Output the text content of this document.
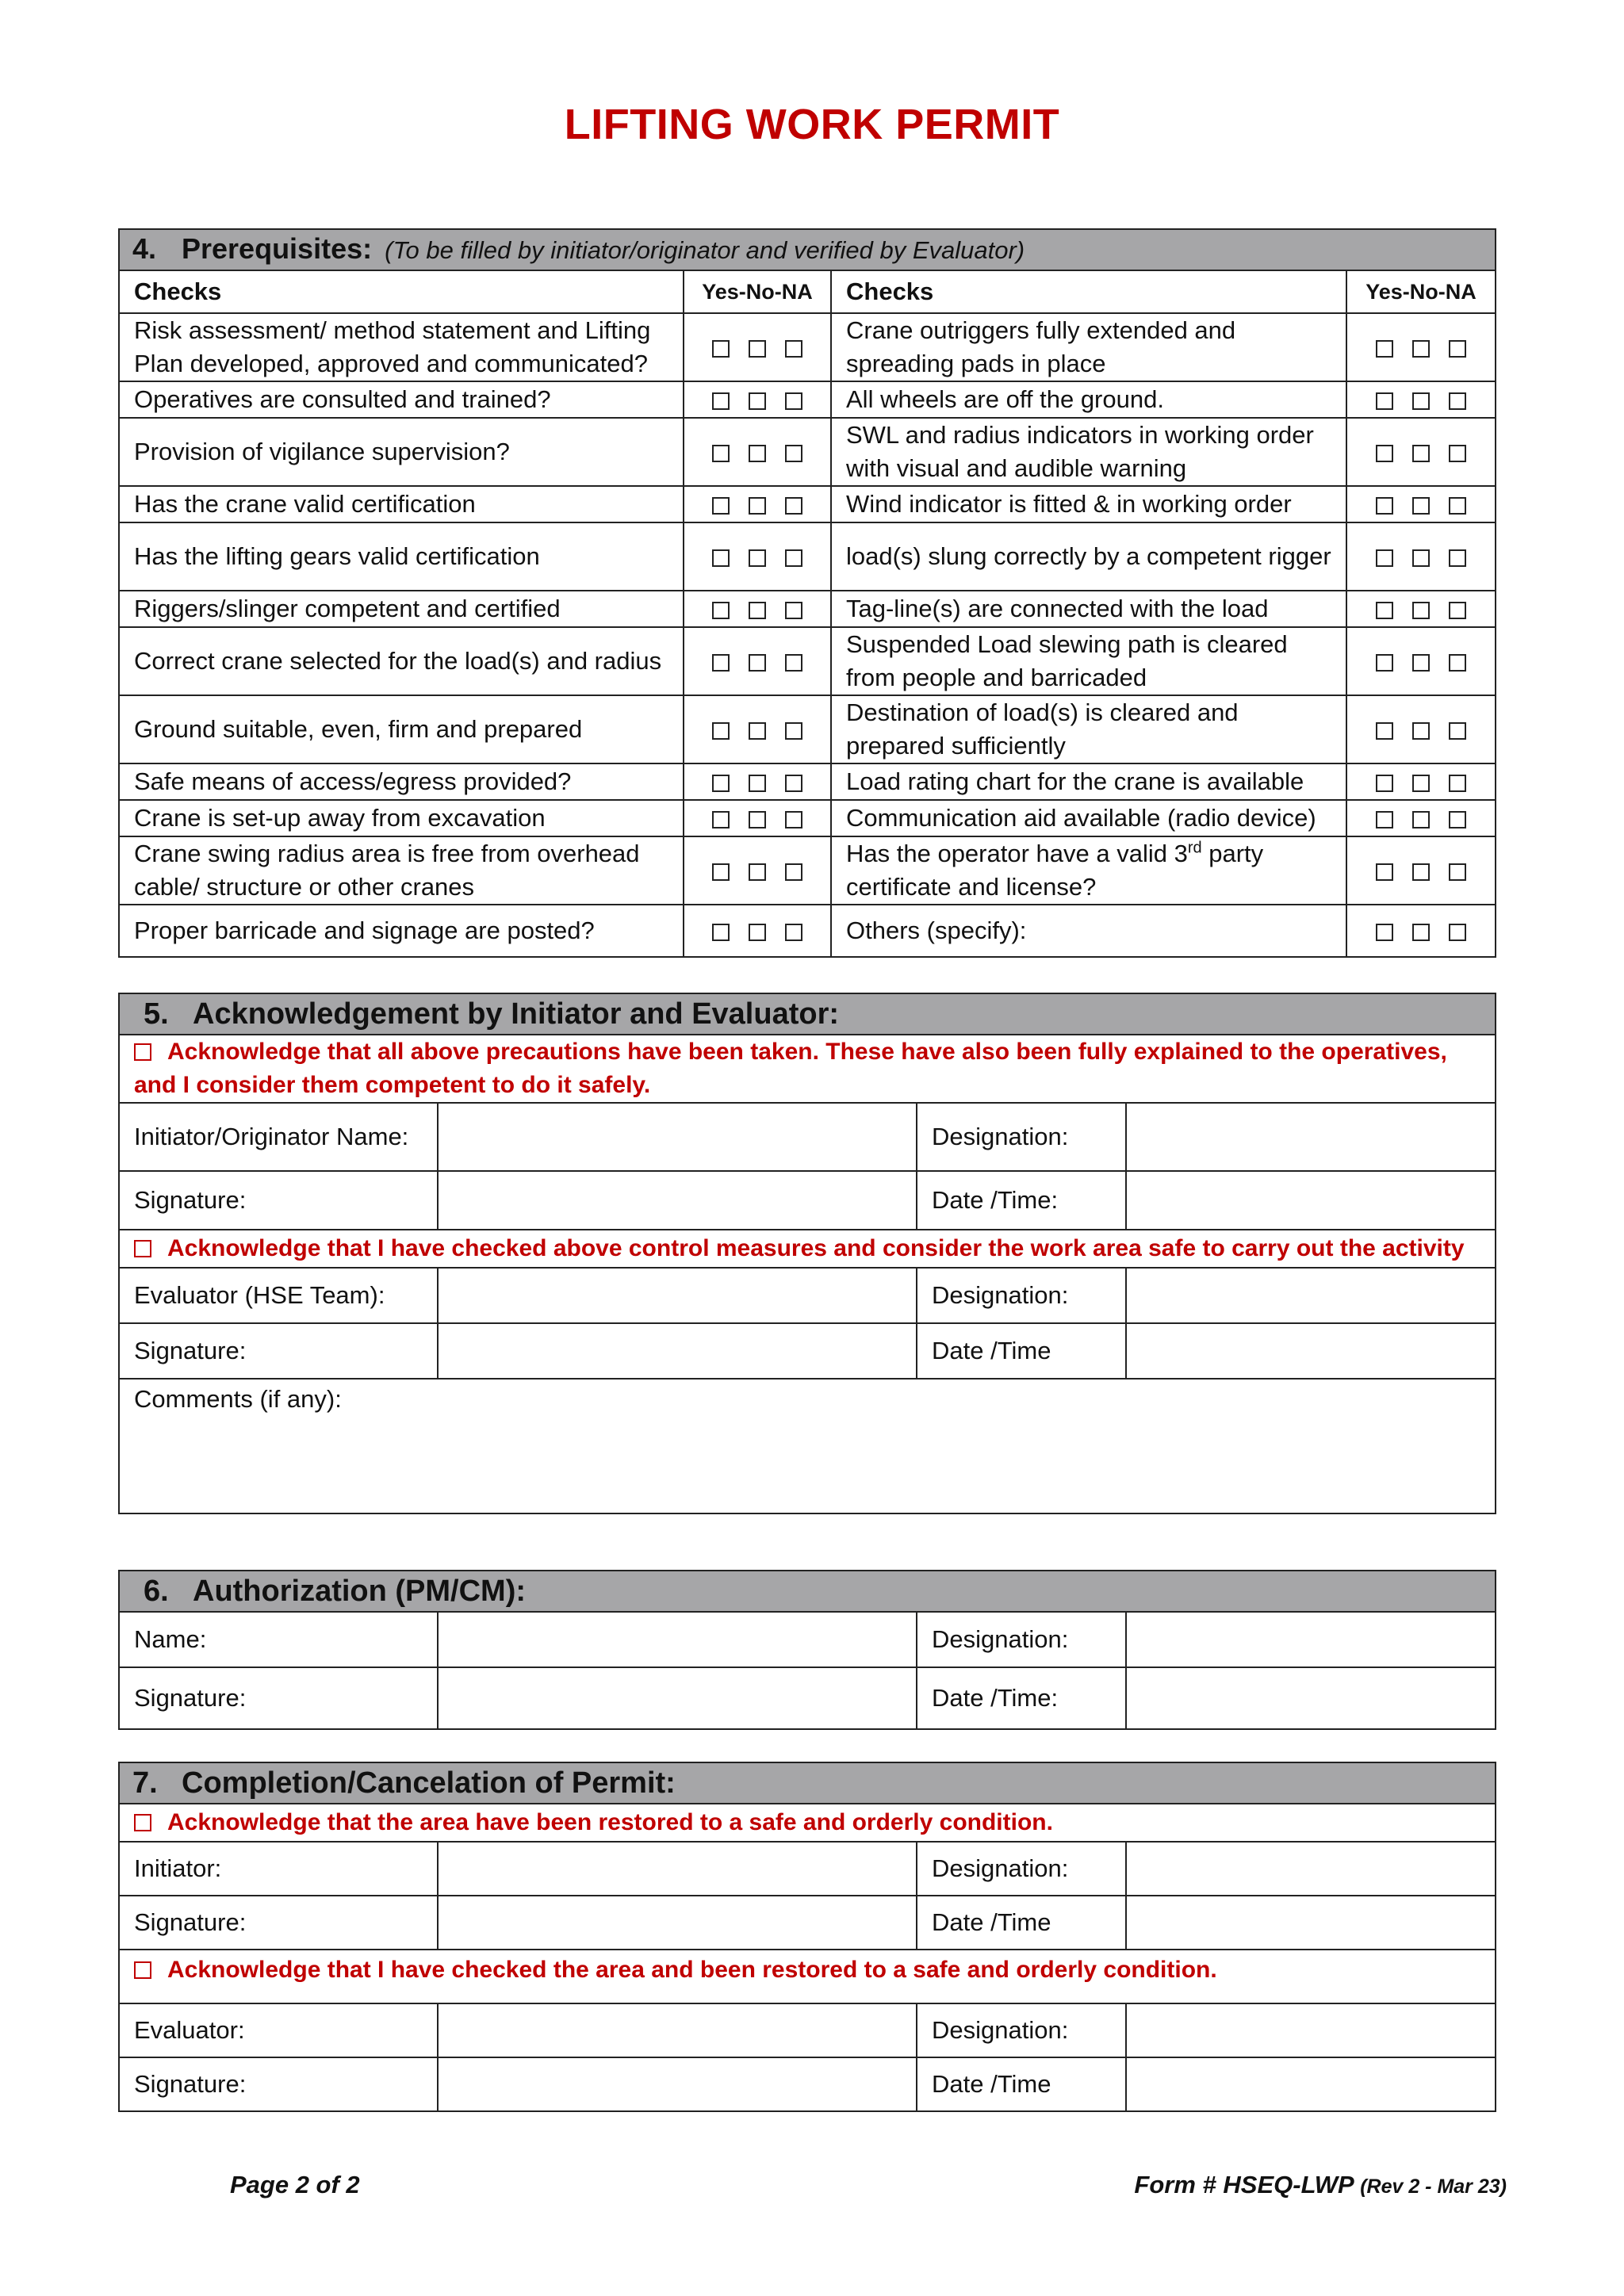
LIFTING WORK PERMIT
4. Prerequisites: (To be filled by initiator/originator and verified by Evaluator)			
Checks	Yes-No-NA	Checks	Yes-No-NA
Risk assessment/ method statement and Lifting Plan developed, approved and communicated?		Crane outriggers fully extended and spreading pads in place	
Operatives are consulted and trained?		All wheels are off the ground.	
Provision of vigilance supervision?		SWL and radius indicators in working order with visual and audible warning	
Has the crane valid certification		Wind indicator is fitted & in working order	
Has the lifting gears valid certification		load(s) slung correctly by a competent rigger	
Riggers/slinger competent and certified		Tag-line(s) are connected with the load	
Correct crane selected for the load(s) and radius		Suspended Load slewing path is cleared from people and barricaded	
Ground suitable, even, firm and prepared		Destination of load(s) is cleared and prepared sufficiently	
Safe means of access/egress provided?		Load rating chart for the crane is available	
Crane is set-up away from excavation		Communication aid available (radio device)	
Crane swing radius area is free from overhead cable/ structure or other cranes		Has the operator have a valid 3rd party certificate and license?	
Proper barricade and signage are posted?		Others (specify):	
5. Acknowledgement by Initiator and Evaluator:			
Acknowledge that all above precautions have been taken. These have also been fully explained to the operatives, and I consider them competent to do it safely.			
Initiator/Originator Name:		Designation:	
Signature:		Date /Time:	
Acknowledge that I have checked above control measures and consider the work area safe to carry out the activity			
Evaluator (HSE Team):		Designation:	
Signature:		Date /Time	
Comments (if any):			
6. Authorization (PM/CM):			
Name:		Designation:	
Signature:		Date /Time:	
7. Completion/Cancelation of Permit:			
Acknowledge that the area have been restored to a safe and orderly condition.			
Initiator:		Designation:	
Signature:		Date /Time	
Acknowledge that I have checked the area and been restored to a safe and orderly condition.			
Evaluator:		Designation:	
Signature:		Date /Time	
Page 2 of 2	Form # HSEQ-LWP (Rev 2 - Mar 23)
